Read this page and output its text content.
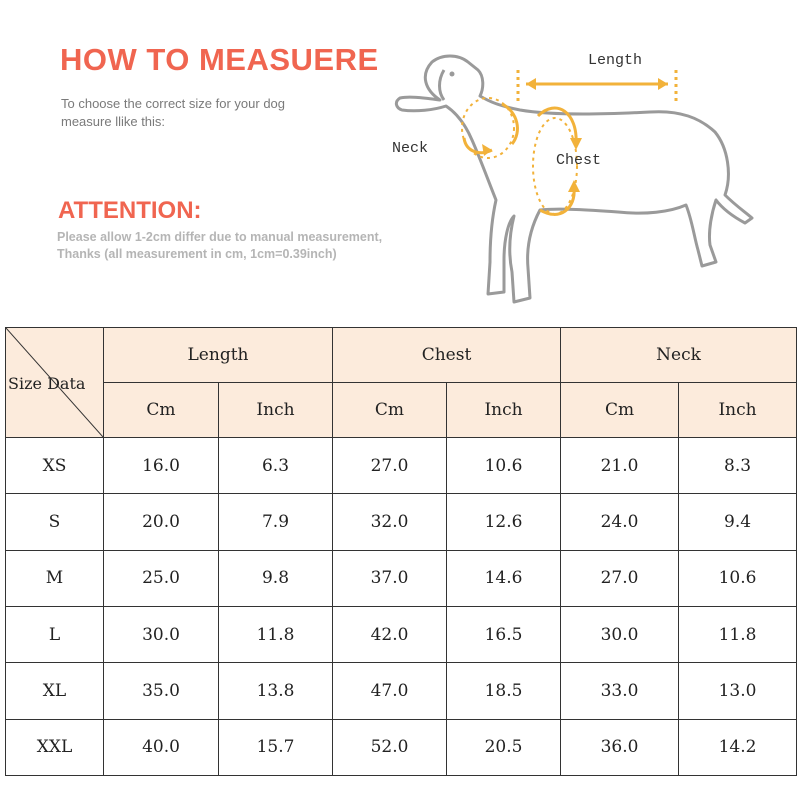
HOW TO MEASUERE
To choose the correct size for your dog
measure llike this:
ATTENTION:
Please allow 1-2cm differ due to manual measurement,
Thanks (all measurement in cm, 1cm=0.39inch)
Length
Neck
Chest
Size Data	Length		Chest		Neck	
	Cm	Inch	Cm	Inch	Cm	Inch
XS	16.0	6.3	27.0	10.6	21.0	8.3
S	20.0	7.9	32.0	12.6	24.0	9.4
M	25.0	9.8	37.0	14.6	27.0	10.6
L	30.0	11.8	42.0	16.5	30.0	11.8
XL	35.0	13.8	47.0	18.5	33.0	13.0
XXL	40.0	15.7	52.0	20.5	36.0	14.2
